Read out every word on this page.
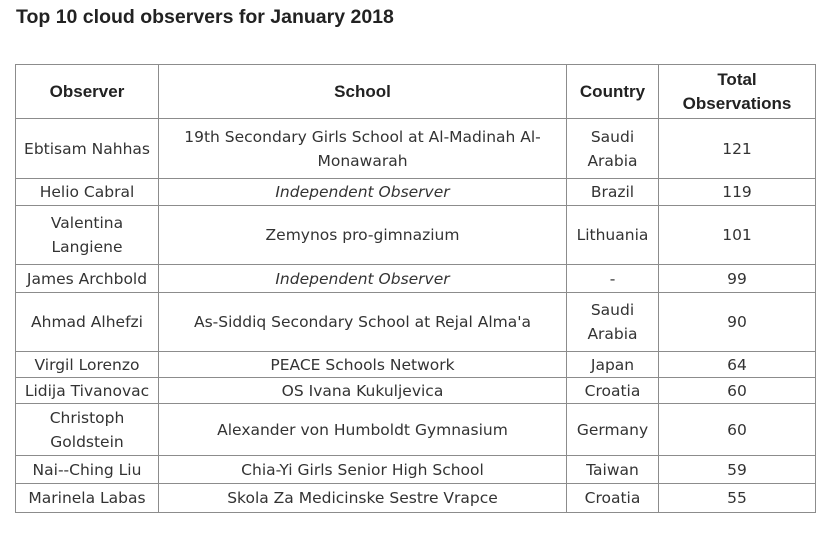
Top 10 cloud observers for January 2018
Observer	School	Country	Total Observations
Ebtisam Nahhas	19th Secondary Girls School at Al-Madinah Al-Monawarah	Saudi Arabia	121
Helio Cabral	Independent Observer	Brazil	119
Valentina Langiene	Zemynos pro-gimnazium	Lithuania	101
James Archbold	Independent Observer	-	99
Ahmad Alhefzi	As-Siddiq Secondary School at Rejal Alma'a	Saudi Arabia	90
Virgil Lorenzo	PEACE Schools Network	Japan	64
Lidija Tivanovac	OS Ivana Kukuljevica	Croatia	60
Christoph Goldstein	Alexander von Humboldt Gymnasium	Germany	60
Nai--Ching Liu	Chia-Yi Girls Senior High School	Taiwan	59
Marinela Labas	Skola Za Medicinske Sestre Vrapce	Croatia	55
